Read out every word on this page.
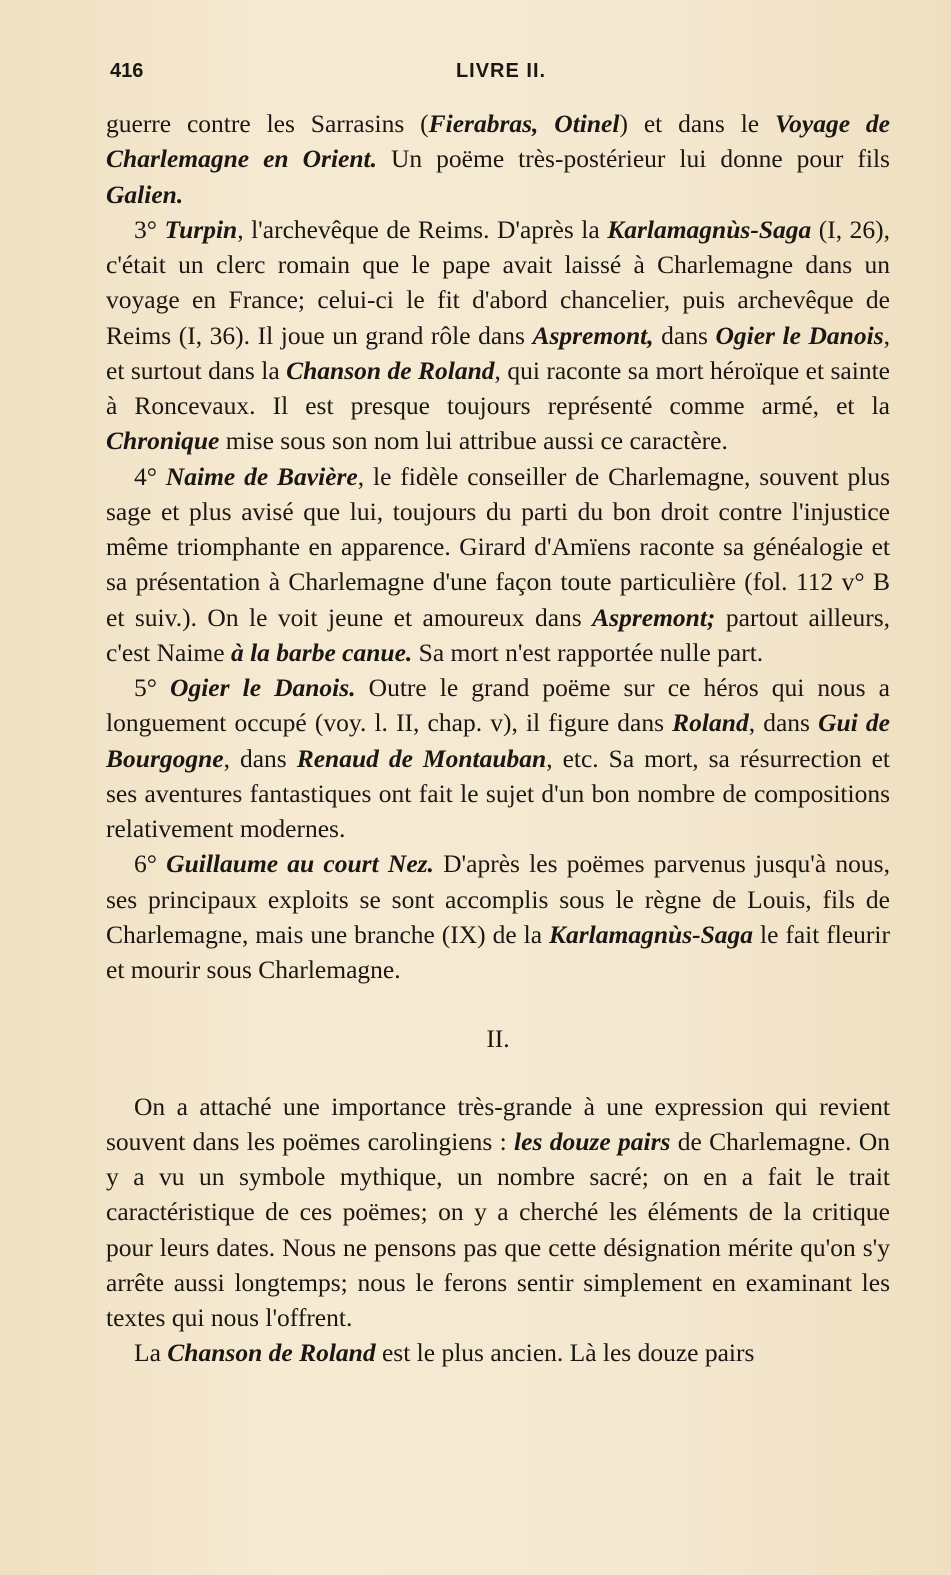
416	LIVRE II.

guerre contre les Sarrasins (Fierabras, Otinel) et dans le Voyage de Charlemagne en Orient. Un poëme très-postérieur lui donne pour fils Galien.

3° Turpin, l'archevêque de Reims. D'après la Karlamagnùs-Saga (I, 26), c'était un clerc romain que le pape avait laissé à Charlemagne dans un voyage en France; celui-ci le fit d'abord chancelier, puis archevêque de Reims (I, 36). Il joue un grand rôle dans Aspremont, dans Ogier le Danois, et surtout dans la Chanson de Roland, qui raconte sa mort héroïque et sainte à Roncevaux. Il est presque toujours représenté comme armé, et la Chronique mise sous son nom lui attribue aussi ce caractère.

4° Naime de Bavière, le fidèle conseiller de Charlemagne, souvent plus sage et plus avisé que lui, toujours du parti du bon droit contre l'injustice même triomphante en apparence. Girard d'Amïens raconte sa généalogie et sa présentation à Charlemagne d'une façon toute particulière (fol. 112 v° B et suiv.). On le voit jeune et amoureux dans Aspremont; partout ailleurs, c'est Naime à la barbe canue. Sa mort n'est rapportée nulle part.

5° Ogier le Danois. Outre le grand poëme sur ce héros qui nous a longuement occupé (voy. l. II, chap. v), il figure dans Roland, dans Gui de Bourgogne, dans Renaud de Montauban, etc. Sa mort, sa résurrection et ses aventures fantastiques ont fait le sujet d'un bon nombre de compositions relativement modernes.

6° Guillaume au court Nez. D'après les poëmes parvenus jusqu'à nous, ses principaux exploits se sont accomplis sous le règne de Louis, fils de Charlemagne, mais une branche (IX) de la Karlamagnùs-Saga le fait fleurir et mourir sous Charlemagne.

II.

On a attaché une importance très-grande à une expression qui revient souvent dans les poëmes carolingiens : les douze pairs de Charlemagne. On y a vu un symbole mythique, un nombre sacré; on en a fait le trait caractéristique de ces poëmes; on y a cherché les éléments de la critique pour leurs dates. Nous ne pensons pas que cette désignation mérite qu'on s'y arrête aussi longtemps; nous le ferons sentir simplement en examinant les textes qui nous l'offrent.

La Chanson de Roland est le plus ancien. Là les douze pairs
